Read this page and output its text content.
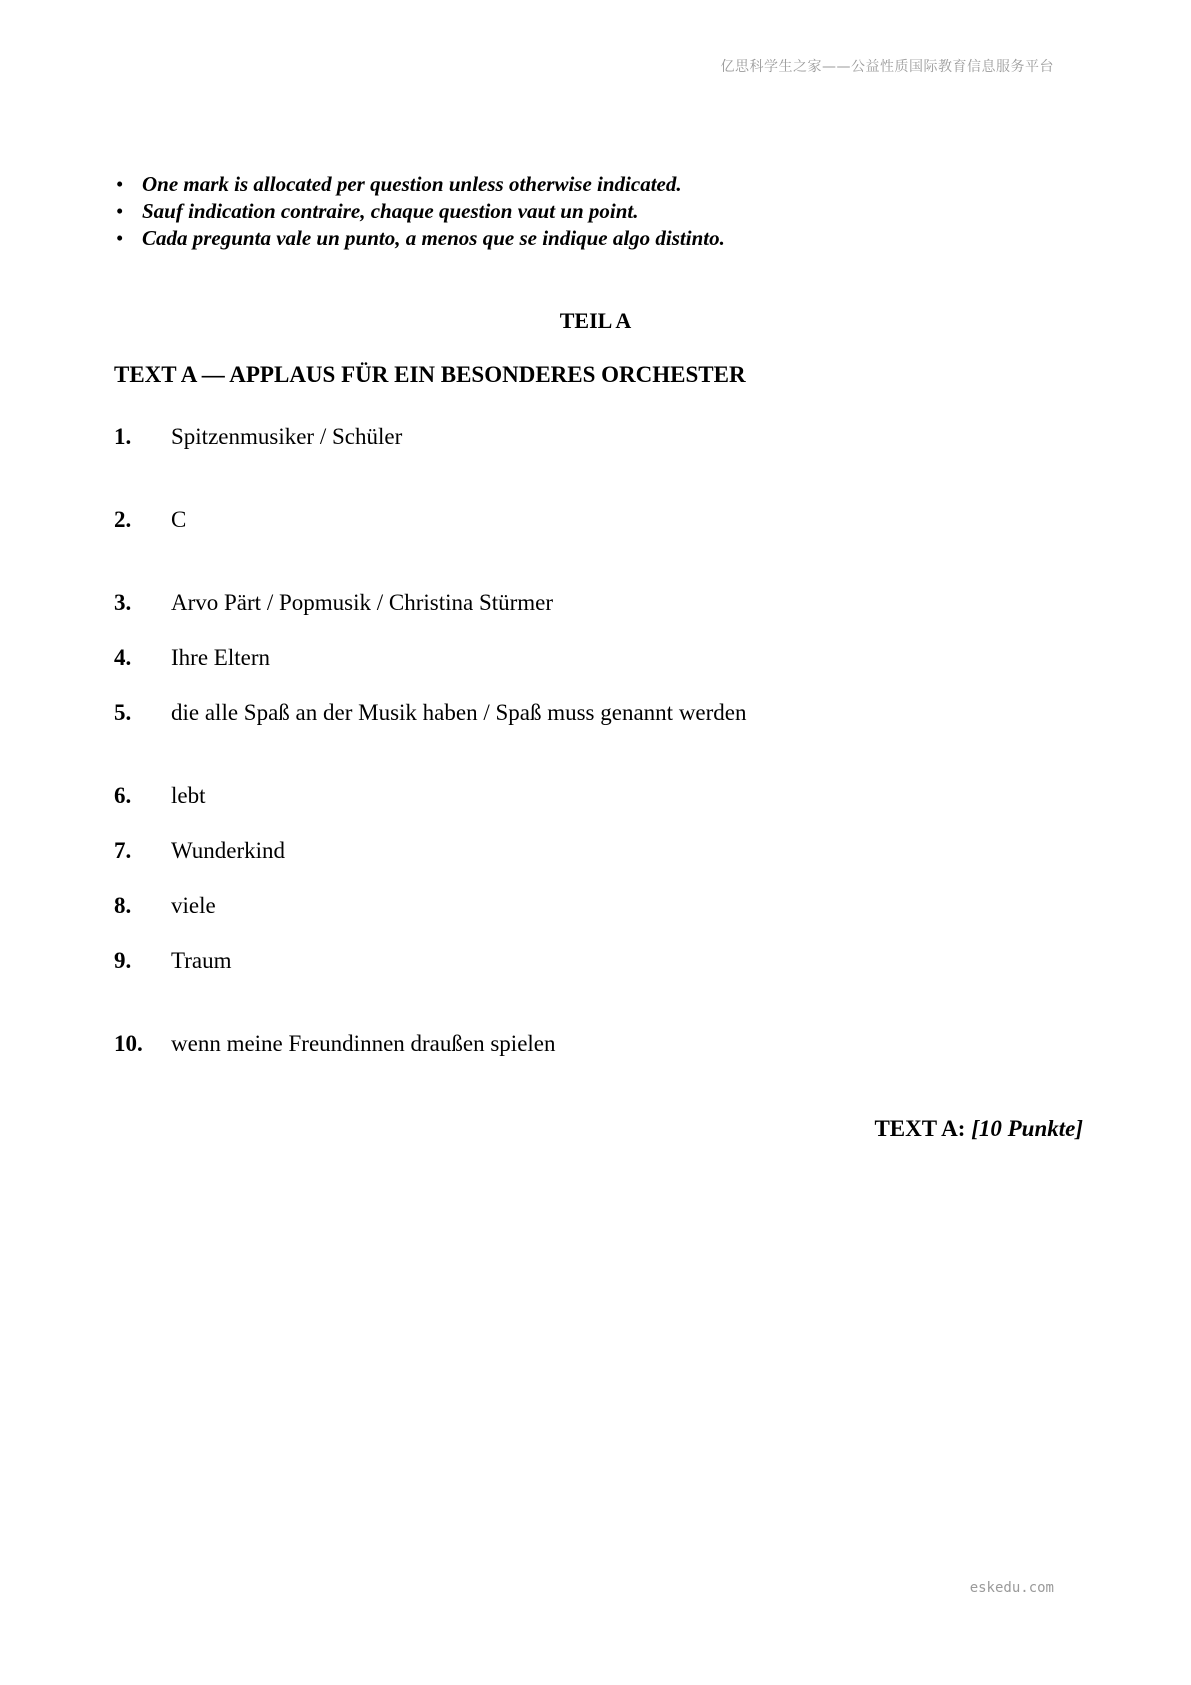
亿思科学生之家——公益性质国际教育信息服务平台
• One mark is allocated per question unless otherwise indicated.
• Sauf indication contraire, chaque question vaut un point.
• Cada pregunta vale un punto, a menos que se indique algo distinto.
TEIL A
TEXT A — APPLAUS FÜR EIN BESONDERES ORCHESTER
1. Spitzenmusiker / Schüler
2. C
3. Arvo Pärt / Popmusik / Christina Stürmer
4. Ihre Eltern
5. die alle Spaß an der Musik haben / Spaß muss genannt werden
6. lebt
7. Wunderkind
8. viele
9. Traum
10. wenn meine Freundinnen draußen spielen
TEXT A: [10 Punkte]
eskedu.com
